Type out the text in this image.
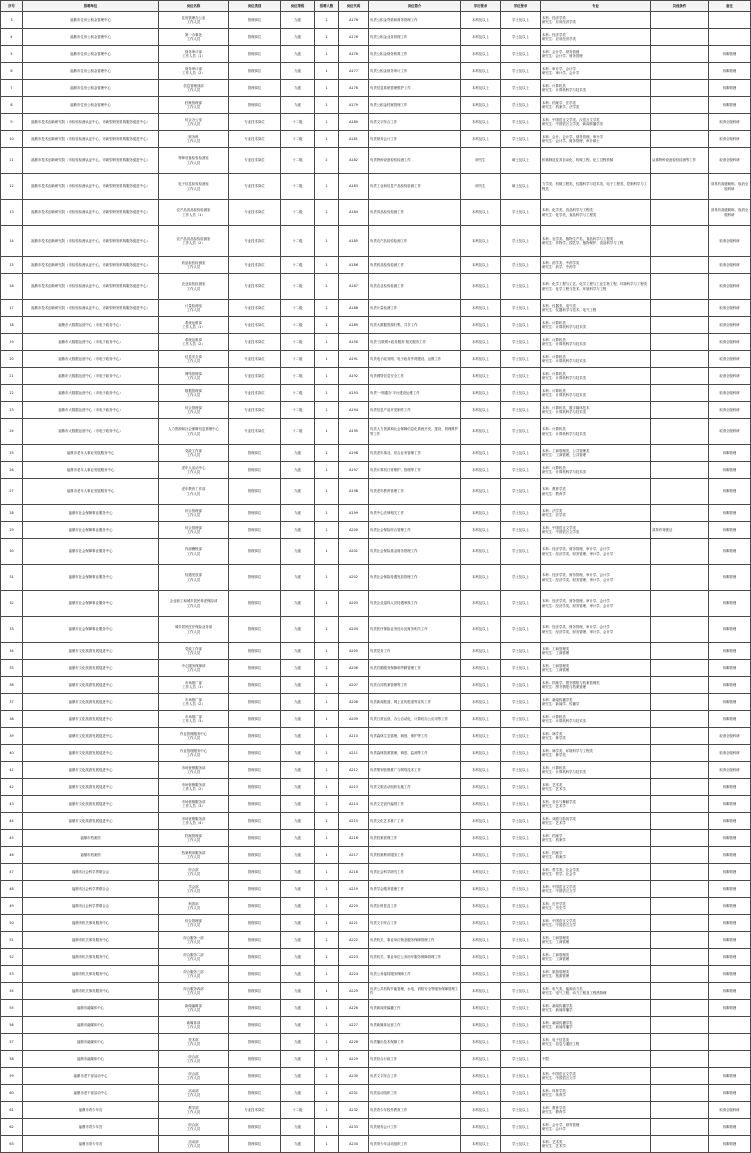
序号	招聘单位	岗位名称	岗位类别	岗位等级	招聘人数	岗位代码	岗位简介	学历要求	学位要求	专业	其他条件	备注
3	福鼎市住房公积金管理中心	住房管理办公室
工作人员	管理岗位	九级	1	A176	负责公积金贷款和财务管理工作	本科及以上	学士及以上	本科：经济学类
研究生：应用经济学类		
4	福鼎市住房公积金管理中心	第一办事处
工作人员	管理岗位	九级	1	A176	负责公积金业务管理工作	本科及以上	学士及以上	本科：经济学类
研究生：应用经济学类		
5	福鼎市住房公积金管理中心	财务审计部
工作人员（1）	管理岗位	九级	1	A176	负责公积金财务核算工作	本科及以上	学士及以上	本科：会计学、财务管理
研究生：会计学、财务管理		侨脚管理
6	福鼎市住房公积金管理中心	财务审计部
工作人员（2）	管理岗位	九级	1	A177	负责公积金财务审计工作	本科及以上	学士及以上	本科：审计学、会计学
研究生：审计学、会计学		侨脚管理
7	福鼎市住房公积金管理中心	信息管理部部
工作人员	管理岗位	九级	1	A178	负责信息系统管理维护工作	本科及以上	学士及以上	本科：计算机类
研究生：计算机科学与技术类		侨脚管理
8	福鼎市住房公积金管理中心	档案管理部
工作人员	管理岗位	九级	1	A179	负责公积金档案管理工作	本科及以上	学士及以上	本科：档案学、法学类
研究生：档案学、法学类		侨脚管理
9	福鼎市技术创新研究院（市检验检测认证中心、市新型研发机构服务促进中心）	综合办公室
工作人员	专业技术岗位	十二级	1	A180	负责文字综合工作	本科及以上	学士及以上	本科：中国语言文学类、汉语言文学类
研究生：中国语言文学类、新闻传播学类		取消全脱科研
10	福鼎市技术创新研究院（市检验检测认证中心、市新型研发机构服务促进中心）	财务科
工作人员	专业技术岗位	十二级	1	A181	负责财务会计工作	本科及以上	学士及以上	本科：会计、会计学、财务管理、审计学
研究生：会计学、财务管理、审计硕士		取消全脱科研
11	福鼎市技术创新研究院（市检验检测认证中心、市新型研发机构服务促进中心）	特种设备检验检测室
工作人员	专业技术岗位	十二级	2	A182	负责特种设备检验检测工作	研究生	硕士及以上	机械制造及其自动化、机械工程、化工过程机械	从事特种设备检验检测等工作	取消全脱科研
12	福鼎市技术创新研究院（市检验检测认证中心、市新型研发机构服务促进中心）	电子信息检验检测室
工作人员	专业技术岗位	十二级	1	A183	负责工业和信息产品检验检测工作	研究生	硕士及以上	力学类、机械工程类、仪器科学与技术类、电子工程类、控制科学与工程类		须具有高级职称、取消全脱科研
13	福鼎市技术创新研究院（市检验检测认证中心、市新型研发机构服务促进中心）	农产品食品检验检测室
工作人员（1）	专业技术岗位	十二级	1	A184	负责食品检验检测工作	本科及以上	学士及以上	本科：化学类、食品科学与工程类
研究生：化学类、食品科学与工程类		须具有高级职称、取消全脱科研
14	福鼎市技术创新研究院（市检验检测认证中心、市新型研发机构服务促进中心）	农产品食品检验检测室
工作人员（2）	专业技术岗位	十二级	1	A185	负责农产品检验检测工作	本科及以上	学士及以上	本科：农学类、植物生产类、食品科学与工程类
研究生：作物学、园艺学、植物保护、食品科学与工程		取消全脱科研
15	福鼎市技术创新研究院（市检验检测认证中心、市新型研发机构服务促进中心）	药品检验检测室
工作人员	专业技术岗位	十二级	1	A186	负责药品检验检测工作	本科及以上	学士及以上	本科：药学类、中药学类
研究生：药学、中药学		取消全脱科研
16	福鼎市技术创新研究院（市检验检测认证中心、市新型研发机构服务促进中心）	农业检验检测室
工作人员	专业技术岗位	十二级	2	A187	负责农业检验检测工作	本科及以上	学士及以上	本科：化学工程与工艺、化学工程与工业生物工程、环境科学与工程类
研究生：化学工程与技术、环境科学与工程		取消全脱科研
17	福鼎市技术创新研究院（市检验检测认证中心、市新型研发机构服务促进中心）	计量检测室
工作人员	专业技术岗位	十二级	1	A188	负责计量检测工作	本科及以上	学士及以上	本科：仪器类、电气类
研究生：仪器科学与技术、电气工程		取消全脱科研
18	福鼎市大数据运营中心（市电子政务中心）	系统运维岗
工作人员（1）	专业技术岗位	十二级	1	A189	负责大数据资源归集、共享工作	本科及以上	学士及以上	本科：计算机类
研究生：计算机科学与技术类		取消全脱科研
19	福鼎市大数据运营中心（市电子政务中心）	系统运维岗
工作人员（2）	专业技术岗位	十二级	1	A190	负责‘互联网+政务服务’相关服务工作	本科及以上	学士及以上	本科：计算机类
研究生：计算机科学与技术类		取消全脱科研
20	福鼎市大数据运营中心（市电子政务中心）	信息安全岗
工作人员	专业技术岗位	十二级	1	A191	负责电子政务网、电子政务外网建设、运维工作	本科及以上	学士及以上	本科：计算机类
研究生：计算机科学与技术类		取消全脱科研
21	福鼎市大数据运营中心（市电子政务中心）	网络管理岗
工作人员	专业技术岗位	十二级	1	A192	负责网络信息安全工作	本科及以上	学士及以上	本科：计算机类
研究生：计算机科学与技术类		取消全脱科研
22	福鼎市大数据运营中心（市电子政务中心）	数据管理岗
工作人员	专业技术岗位	十二级	1	A193	负责‘一网通办’平台建设运维工作	本科及以上	学士及以上	本科：计算机类
研究生：计算机科学与技术类		取消全脱科研
23	福鼎市大数据运营中心（市电子政务中心）	综合管理岗
工作人员	专业技术岗位	十二级	1	A194	负责信息产品开发制作工作	本科及以上	学士及以上	本科：计算机类、数字媒体技术
研究生：计算机科学与技术类		取消全脱科研
24	福鼎市大数据运营中心（市电子政务中心）	人力资源和社会保障信息管理中心
工作人员	专业技术岗位	十二级	1	A195	负责人力资源和社会保障信息化系统开发、建设、管理维护等工作	本科及以上	学士及以上	本科：计算机类
研究生：计算机科学与技术类		取消全脱科研
25	福鼎市老年人事业发展服务中心	党政工作部
工作人员	管理岗位	九级	1	A196	负责老年事业、综合业务管理工作	本科及以上	学士及以上	本科：工商管理类、公共管理类
研究生：工商管理、公共管理		侨脚管理
26	福鼎市老年人事业发展服务中心	老年人活动中心
工作人员	管理岗位	九级	1	A197	负责计算机日常维护、管理等工作	本科及以上	学士及以上	本科：计算机类
研究生：计算机科学与技术类		侨脚管理
27	福鼎市老年人事业发展服务中心	老年教育工作部
工作人员	管理岗位	九级	1	A198	负责老年教育管理工作	本科及以上	学士及以上	本科：教育学类
研究生：教育学		侨脚管理
28	福鼎市社会保障事业服务中心	综合管理部
工作人员	管理岗位	九级	1	A199	负责中心法律相关工作	本科及以上	学士及以上	本科：法学类
研究生：法学类		侨脚管理
29	福鼎市社会保障事业服务中心	综合管理部
工作人员	管理岗位	九级	1	A200	负责社会保险综合管理工作	本科及以上	学士及以上	本科：中国语言文学类
研究生：中国语言文学类	须持有驾驶证	侨脚管理
30	福鼎市社会保障事业服务中心	内部稽核部
工作人员	管理岗位	九级	1	A201	负责社会保险基金财务管理工作	本科及以上	学士及以上	本科：经济学类、财务管理、审计学、会计学
研究生：经济学类、财务管理、审计学、会计学		侨脚管理
31	福鼎市社会保障事业服务中心	待遇发放部
工作人员	管理岗位	九级	1	A202	负责社会保险待遇发放管理工作	本科及以上	学士及以上	本科：经济学类、财务管理、审计学、会计学
研究生：经济学类、财务管理、审计学、会计学		侨脚管理
32	福鼎市社会保障事业服务中心	企业职工和城乡居民养老保险部
工作人员	管理岗位	九级	1	A203	负责企业退休人员待遇审核工作	本科及以上	学士及以上	本科：经济学类、财务管理、审计学、会计学
研究生：经济学类、财务管理、审计学、会计学		侨脚管理
33	福鼎市社会保障事业服务中心	城乡居民医疗保险业务部
工作人员	管理岗位	九级	1	A204	负责医疗保险业务经办及财务相关工作	本科及以上	学士及以上	本科：经济学类、财务管理、审计学、会计学
研究生：经济学类、财务管理、审计学、会计学		侨脚管理
34	福鼎市文化旅游发展促进中心	党政工作部
工作人员	管理岗位	九级	1	A205	负责党务工作	本科及以上	学士及以上	本科：工商管理类
研究生：工商管理		侨脚管理
35	福鼎市文化旅游发展促进中心	中心服务保障部
工作人员	管理岗位	九级	1	A206	负责后勤服务保障和考勤管理工作	本科及以上	学士及以上	本科：工商管理类
研究生：工商管理		侨脚管理
36	福鼎市文化旅游发展促进中心	市场推广部
工作人员（1）	管理岗位	九级	1	A207	负责合同档案管理等工作	本科及以上	学士及以上	本科：档案学、图书情报与档案管理类
研究生：图书情报与档案管理		侨脚管理
37	福鼎市文化旅游发展促进中心	市场推广部
工作人员（2）	管理岗位	九级	1	A208	负责新闻报道、网上宣传报道等宣传工作	本科及以上	学士及以上	本科：新闻传播学类
研究生：新闻学、传播学		侨脚管理
38	福鼎市文化旅游发展促进中心	市场推广部
工作人员（3）	管理岗位	九级	1	A209	负责日常运营、办公自动化、计算机办公应用等工作	本科及以上	学士及以上	本科：计算机类
研究生：计算机科学与技术类		侨脚管理
39	福鼎市文化旅游发展促进中心	作业管理服务中心
工作人员	管理岗位	九级	1	A210	负责森林生态管理、调度、保护等工作	本科及以上	学士及以上	本科：林学类
研究生：林学类		取消全脱科研
40	福鼎市文化旅游发展促进中心	作业管理服务中心
工作人员	管理岗位	九级	1	A211	负责森林资源管理、调度、监测等工作	本科及以上	学士及以上	本科：林学类、环境科学与工程类
研究生：林学类		取消全脱科研
41	福鼎市文化旅游发展促进中心	市场营销服务部
工作人员	管理岗位	九级	1	A212	负责策划营销推广与网络技术工作	本科及以上	学士及以上	本科：计算机类
研究生：计算机科学与技术类		取消全脱科研
42	福鼎市文化旅游发展促进中心	市场营销服务部
工作人员（2）	管理岗位	九级	1	A213	负责文旅活动组织实施工作	本科及以上	学士及以上	本科：艺术类
研究生：艺术学		侨脚管理
43	福鼎市文化旅游发展促进中心	市场营销服务部
工作人员（3）	管理岗位	九级	1	A214	负责文艺创作编排工作	本科及以上	学士及以上	本科：音乐与舞蹈学类
研究生：艺术学		侨脚管理
44	福鼎市文化旅游发展促进中心	市场营销服务部
工作人员（4）	管理岗位	九级	1	A215	负责文化艺术推广工作	本科及以上	学士及以上	本科：戏剧与影视学类
研究生：艺术学		侨脚管理
45	福鼎市档案馆	档案管理部
工作人员	管理岗位	九级	1	A216	负责档案管理工作	本科及以上	学士及以上	本科：档案学
研究生：档案学		侨脚管理
46	福鼎市档案馆	档案利用服务部
工作人员	管理岗位	九级	1	A217	负责档案利用服务工作	本科及以上	学士及以上	本科：档案学
研究生：档案学		侨脚管理
47	福鼎市社会科学界联合会	综合部
工作人员	管理岗位	九级	1	A218	负责社会科学研究工作	本科及以上	学士及以上	本科：哲学类、社会学类
研究生：哲学、社会学		侨脚管理
48	福鼎市社会科学界联合会	学会部
工作人员	管理岗位	九级	1	A219	负责学会服务管理工作	本科及以上	学士及以上	本科：中国语言文学类
研究生：中国语言文学		侨脚管理
49	福鼎市社会科学界联合会	科普部
工作人员	管理岗位	九级	1	A220	负责社科普及工作	本科及以上	学士及以上	本科：历史学类
研究生：历史学		侨脚管理
50	福鼎市机关事务服务中心	综合管理部
工作人员	管理岗位	九级	1	A221	负责文字综合工作	本科及以上	学士及以上	本科：中国语言文学类
研究生：中国语言文学		侨脚管理
51	福鼎市机关事务服务中心	综合服务一部
工作人员	管理岗位	九级	1	A222	负责机关、事业单位物业服务保障管理工作	本科及以上	学士及以上	本科：工商管理类
研究生：工商管理		侨脚管理
52	福鼎市机关事务服务中心	综合服务二部
工作人员	管理岗位	九级	1	A223	负责机关、事业单位公务用车服务保障管理工作	本科及以上	学士及以上	本科：工商管理类
研究生：工商管理		侨脚管理
53	福鼎市机关事务服务中心	综合服务三部
工作人员	管理岗位	九级	1	A224	负责公务接待服务保障工作	本科及以上	学士及以上	本科：旅游管理类
研究生：旅游管理		侨脚管理
54	福鼎市机关事务服务中心	综合服务四部
工作人员	管理岗位	九级	1	A225	负责公共机构节能管理、水电、消防安全等服务保障管理工作	本科及以上	学士及以上	本科：电气类、能源动力类
研究生：电气工程、动力工程及工程热物理		侨脚管理
55	福鼎市融媒体中心	新闻编辑部
工作人员	管理岗位	九级	1	A226	负责新闻采编播工作	本科及以上	学士及以上	本科：新闻传播学类
研究生：新闻传播学		侨脚管理
56	福鼎市融媒体中心	新媒体部
工作人员	管理岗位	九级	1	A227	负责新媒体运营工作	本科及以上	学士及以上	本科：新闻传播学类
研究生：新闻传播学		
57	福鼎市融媒体中心	技术部
工作人员	管理岗位	九级	1	A228	负责播出技术保障工作	本科及以上	学士及以上	本科：电子信息类
研究生：信息与通信工程		
58	福鼎市融媒体中心	综合部
工作人员	管理岗位	九级	1	A229	负责综合行政工作	本科及以上	学士及以上	不限		
59	福鼎市老干部活动中心	综合部
工作人员	管理岗位	九级	1	A230	负责文字综合工作	本科及以上	学士及以上	本科：中国语言文学类
研究生：中国语言文学		侨脚管理
60	福鼎市老干部活动中心	活动部
工作人员	管理岗位	九级	1	A231	负责活动组织工作	本科及以上	学士及以上	本科：体育学类
研究生：体育学		侨脚管理
61	福鼎市青少年宫	教学部
工作人员	专业技术岗位	十二级	1	A232	负责青少年校外教育工作	本科及以上	学士及以上	本科：教育学类
研究生：教育学		取消全脱科研
62	福鼎市青少年宫	综合部
工作人员	管理岗位	九级	1	A233	负责财务会计工作	本科及以上	学士及以上	本科：会计学、财务管理
研究生：会计学		侨脚管理
63	福鼎市青少年宫	活动部
工作人员	管理岗位	九级	1	A234	负责青少年活动组织工作	本科及以上	学士及以上	本科：艺术类
研究生：艺术学		侨脚管理
